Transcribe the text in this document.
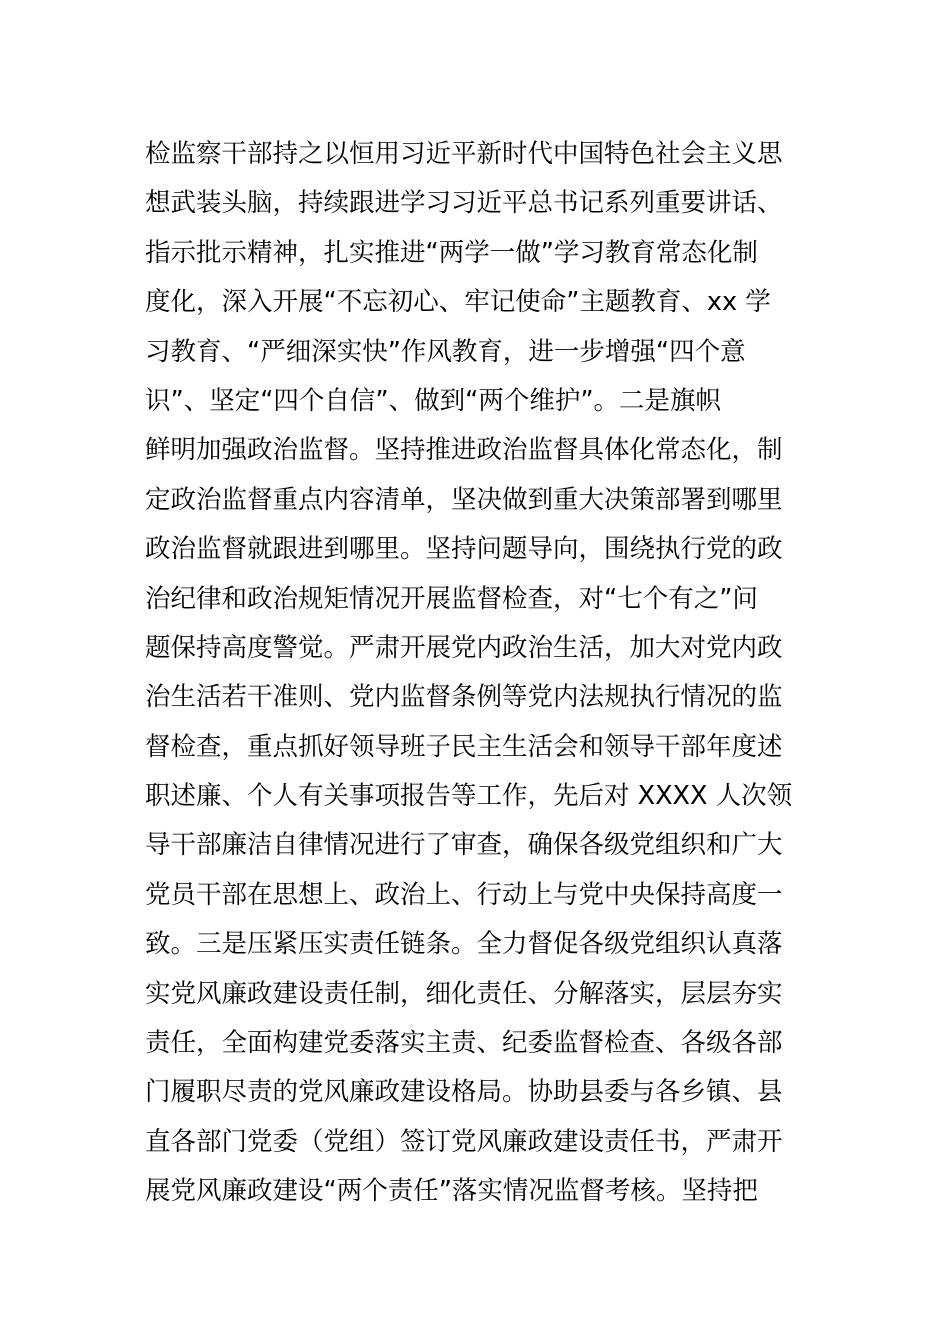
检监察干部持之以恒用习近平新时代中国特色社会主义思
想武装头脑，持续跟进学习习近平总书记系列重要讲话、
指示批示精神，扎实推进“两学一做”学习教育常态化制
度化，深入开展“不忘初心、牢记使命”主题教育、xx 学
习教育、“严细深实快”作风教育，进一步增强“四个意
识”、坚定“四个自信”、做到“两个维护”。二是旗帜
鲜明加强政治监督。坚持推进政治监督具体化常态化，制
定政治监督重点内容清单，坚决做到重大决策部署到哪里
政治监督就跟进到哪里。坚持问题导向，围绕执行党的政
治纪律和政治规矩情况开展监督检查，对“七个有之”问
题保持高度警觉。严肃开展党内政治生活，加大对党内政
治生活若干准则、党内监督条例等党内法规执行情况的监
督检查，重点抓好领导班子民主生活会和领导干部年度述
职述廉、个人有关事项报告等工作，先后对 XXXX 人次领
导干部廉洁自律情况进行了审查，确保各级党组织和广大
党员干部在思想上、政治上、行动上与党中央保持高度一
致。三是压紧压实责任链条。全力督促各级党组织认真落
实党风廉政建设责任制，细化责任、分解落实，层层夯实
责任，全面构建党委落实主责、纪委监督检查、各级各部
门履职尽责的党风廉政建设格局。协助县委与各乡镇、县
直各部门党委（党组）签订党风廉政建设责任书，严肃开
展党风廉政建设“两个责任”落实情况监督考核。坚持把
